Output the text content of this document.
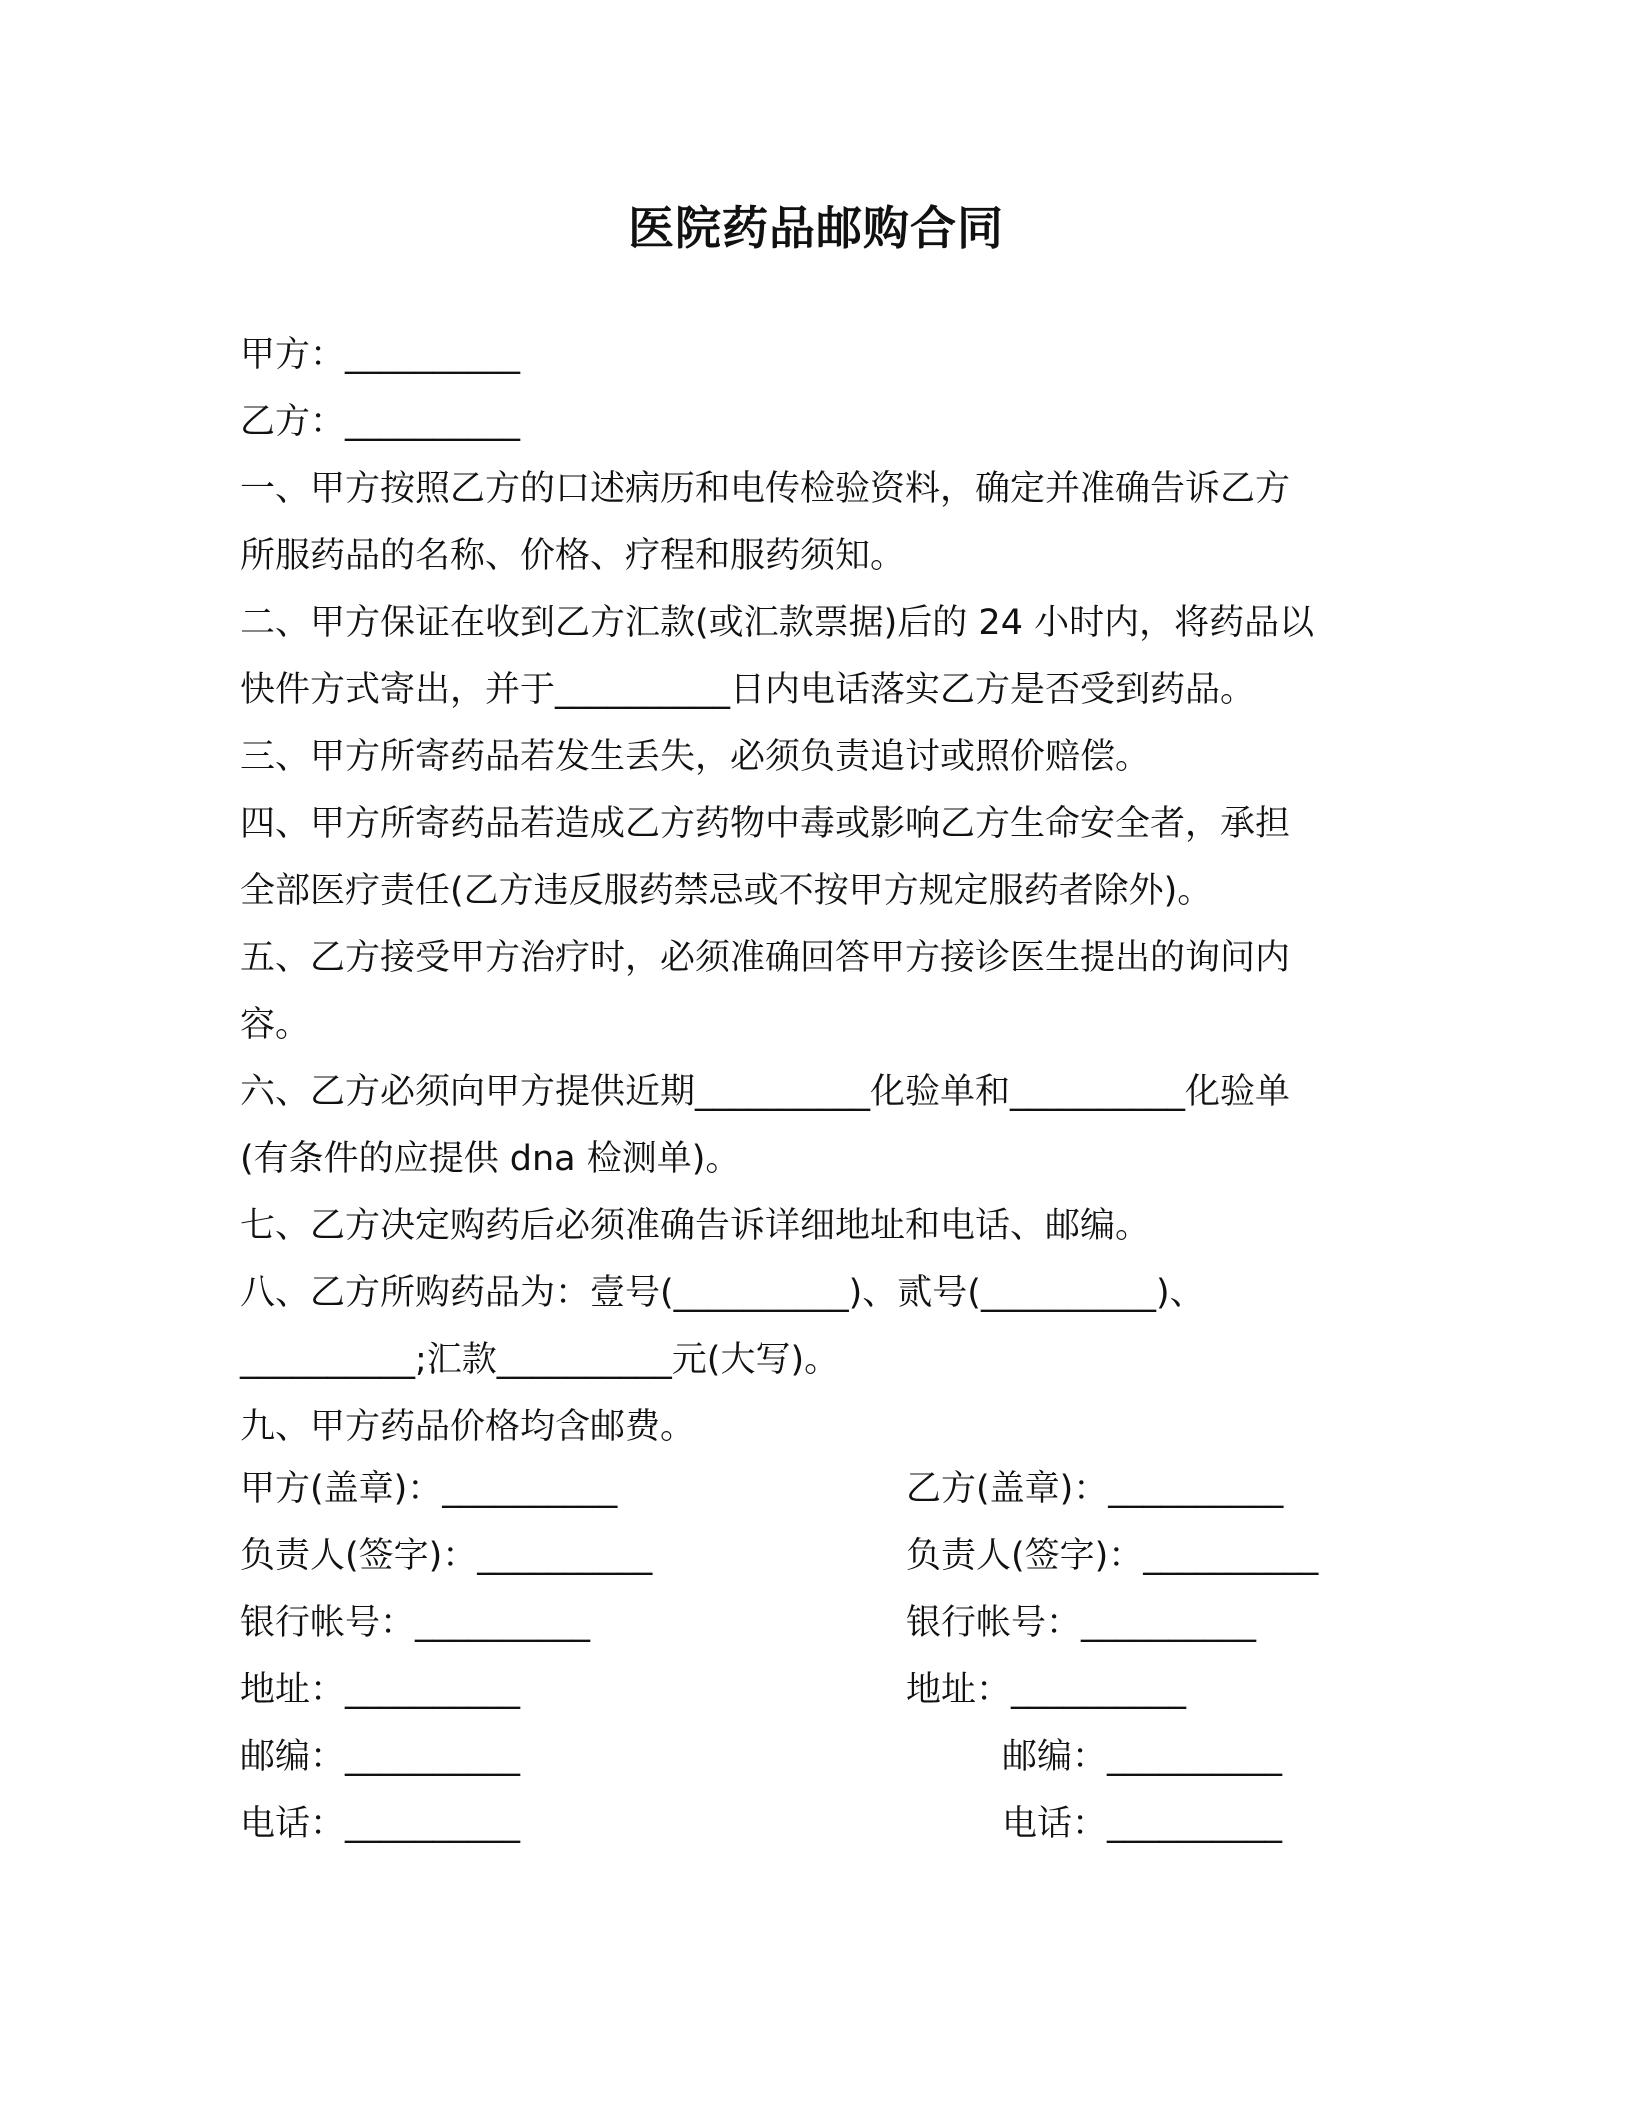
医院药品邮购合同
甲方：__________
乙方：__________
一、甲方按照乙方的口述病历和电传检验资料，确定并准确告诉乙方
所服药品的名称、价格、疗程和服药须知。
二、甲方保证在收到乙方汇款(或汇款票据)后的 24 小时内，将药品以
快件方式寄出，并于__________日内电话落实乙方是否受到药品。
三、甲方所寄药品若发生丢失，必须负责追讨或照价赔偿。
四、甲方所寄药品若造成乙方药物中毒或影响乙方生命安全者，承担
全部医疗责任(乙方违反服药禁忌或不按甲方规定服药者除外)。
五、乙方接受甲方治疗时，必须准确回答甲方接诊医生提出的询问内
容。
六、乙方必须向甲方提供近期__________化验单和__________化验单
(有条件的应提供 dna 检测单)。
七、乙方决定购药后必须准确告诉详细地址和电话、邮编。
八、乙方所购药品为：壹号(__________)、贰号(__________)、
__________;汇款__________元(大写)。
九、甲方药品价格均含邮费。
甲方(盖章)：__________
负责人(签字)：__________
银行帐号：__________
地址：__________
邮编：__________
电话：__________
乙方(盖章)：__________
负责人(签字)：__________
银行帐号：__________
地址：__________
邮编：__________
电话：__________
